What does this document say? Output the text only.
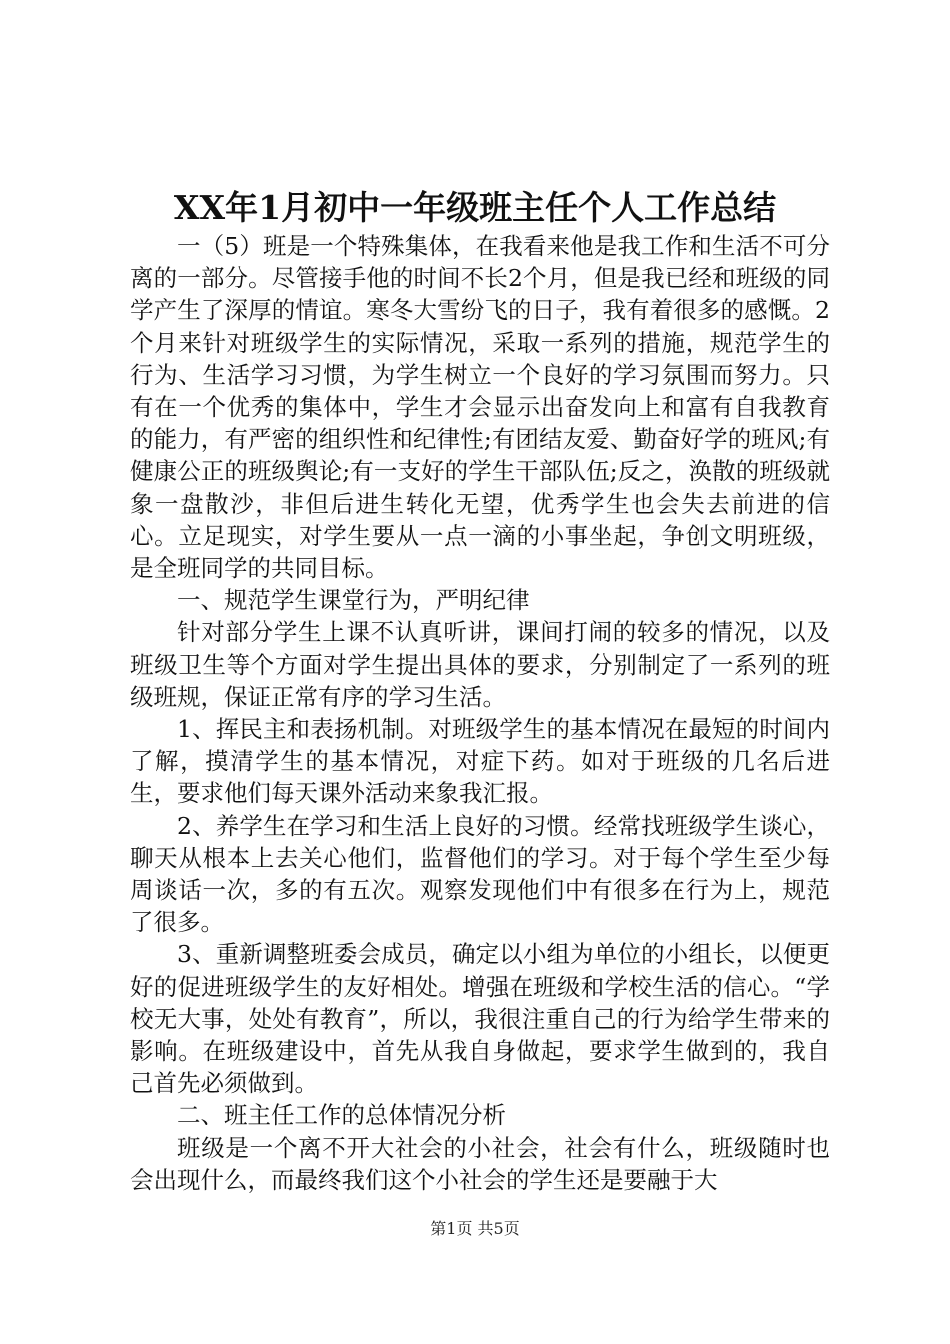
XX年1月初中一年级班主任个人工作总结

一（5）班是一个特殊集体，在我看来他是我工作和生活不可分离的一部分。尽管接手他的时间不长2个月，但是我已经和班级的同学产生了深厚的情谊。寒冬大雪纷飞的日子，我有着很多的感慨。2个月来针对班级学生的实际情况，采取一系列的措施，规范学生的行为、生活学习习惯，为学生树立一个良好的学习氛围而努力。只有在一个优秀的集体中，学生才会显示出奋发向上和富有自我教育的能力，有严密的组织性和纪律性;有团结友爱、勤奋好学的班风;有健康公正的班级舆论;有一支好的学生干部队伍;反之，涣散的班级就象一盘散沙，非但后进生转化无望，优秀学生也会失去前进的信心。立足现实，对学生要从一点一滴的小事坐起，争创文明班级，是全班同学的共同目标。

一、规范学生课堂行为，严明纪律

针对部分学生上课不认真听讲，课间打闹的较多的情况，以及班级卫生等个方面对学生提出具体的要求，分别制定了一系列的班级班规，保证正常有序的学习生活。

1、挥民主和表扬机制。对班级学生的基本情况在最短的时间内了解，摸清学生的基本情况，对症下药。如对于班级的几名后进生，要求他们每天课外活动来象我汇报。

2、养学生在学习和生活上良好的习惯。经常找班级学生谈心，聊天从根本上去关心他们，监督他们的学习。对于每个学生至少每周谈话一次，多的有五次。观察发现他们中有很多在行为上，规范了很多。

3、重新调整班委会成员，确定以小组为单位的小组长，以便更好的促进班级学生的友好相处。增强在班级和学校生活的信心。“学校无大事，处处有教育”，所以，我很注重自己的行为给学生带来的影响。在班级建设中，首先从我自身做起，要求学生做到的，我自己首先必须做到。

二、班主任工作的总体情况分析

班级是一个离不开大社会的小社会，社会有什么，班级随时也会出现什么，而最终我们这个小社会的学生还是要融于大

第1页 共5页
